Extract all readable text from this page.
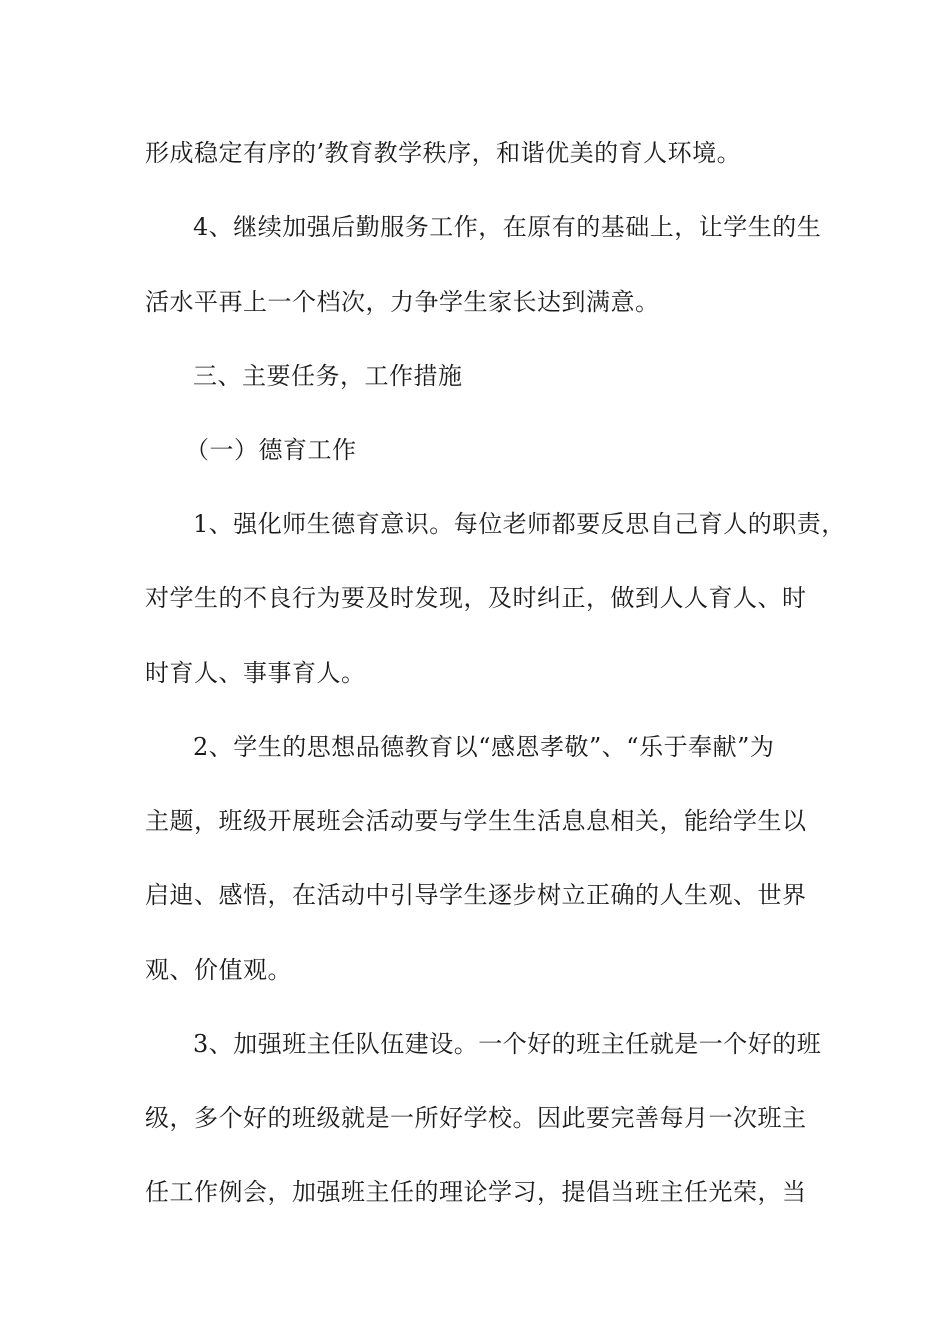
形成稳定有序的’教育教学秩序，和谐优美的育人环境。
4、继续加强后勤服务工作，在原有的基础上，让学生的生
活水平再上一个档次，力争学生家长达到满意。
三、主要任务，工作措施
（一）德育工作
1、强化师生德育意识。每位老师都要反思自己育人的职责，
对学生的不良行为要及时发现，及时纠正，做到人人育人、时
时育人、事事育人。
2、学生的思想品德教育以“感恩孝敬”、“乐于奉献”为
主题，班级开展班会活动要与学生生活息息相关，能给学生以
启迪、感悟，在活动中引导学生逐步树立正确的人生观、世界
观、价值观。
3、加强班主任队伍建设。一个好的班主任就是一个好的班
级，多个好的班级就是一所好学校。因此要完善每月一次班主
任工作例会，加强班主任的理论学习，提倡当班主任光荣，当
